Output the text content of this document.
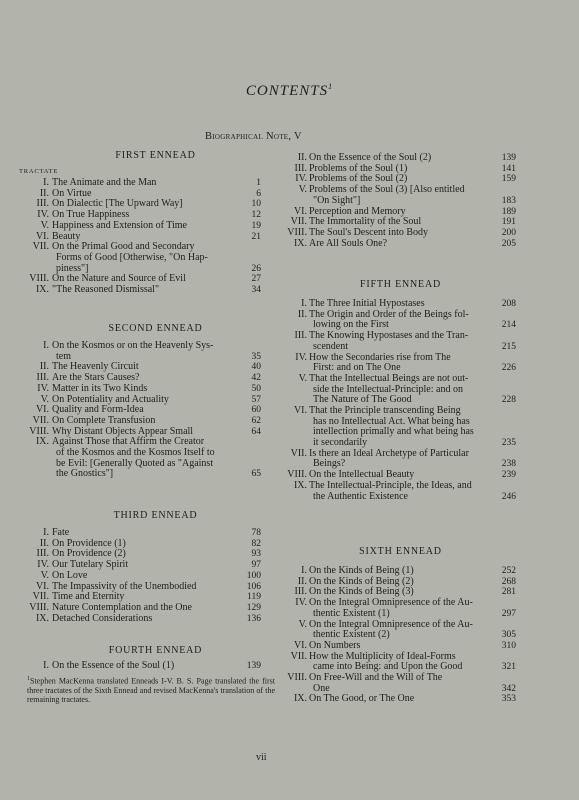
CONTENTS$^1$
Biographical Note, V
FIRST ENNEAD
TRACTATE
I. The Animate and the Man	1
II. On Virtue	6
III. On Dialectic [The Upward Way]	10
IV. On True Happiness	12
V. Happiness and Extension of Time	19
VI. Beauty	21
VII. On the Primal Good and Secondary
Forms of Good [Otherwise, "On Hap-
piness"]	26
VIII. On the Nature and Source of Evil	27
IX. "The Reasoned Dismissal"	34
SECOND ENNEAD
I. On the Kosmos or on the Heavenly Sys-
tem	35
II. The Heavenly Circuit	40
III. Are the Stars Causes?	42
IV. Matter in its Two Kinds	50
V. On Potentiality and Actuality	57
VI. Quality and Form-Idea	60
VII. On Complete Transfusion	62
VIII. Why Distant Objects Appear Small	64
IX. Against Those that Affirm the Creator
of the Kosmos and the Kosmos Itself to
be Evil: [Generally Quoted as "Against
the Gnostics"]	65
THIRD ENNEAD
I. Fate	78
II. On Providence (1)	82
III. On Providence (2)	93
IV. Our Tutelary Spirit	97
V. On Love	100
VI. The Impassivity of the Unembodied	106
VII. Time and Eternity	119
VIII. Nature Contemplation and the One	129
IX. Detached Considerations	136
FOURTH ENNEAD
I. On the Essence of the Soul (1)	139
II. On the Essence of the Soul (2)	139
III. Problems of the Soul (1)	141
IV. Problems of the Soul (2)	159
V. Problems of the Soul (3) [Also entitled
"On Sight"]	183
VI. Perception and Memory	189
VII. The Immortality of the Soul	191
VIII. The Soul's Descent into Body	200
IX. Are All Souls One?	205
FIFTH ENNEAD
I. The Three Initial Hypostases	208
II. The Origin and Order of the Beings fol-
lowing on the First	214
III. The Knowing Hypostases and the Tran-
scendent	215
IV. How the Secondaries rise from The
First: and on The One	226
V. That the Intellectual Beings are not out-
side the Intellectual-Principle: and on
The Nature of The Good	228
VI. That the Principle transcending Being
has no Intellectual Act. What being has
intellection primally and what being has
it secondarily	235
VII. Is there an Ideal Archetype of Particular
Beings?	238
VIII. On the Intellectual Beauty	239
IX. The Intellectual-Principle, the Ideas, and
the Authentic Existence	246
SIXTH ENNEAD
I. On the Kinds of Being (1)	252
II. On the Kinds of Being (2)	268
III. On the Kinds of Being (3)	281
IV. On the Integral Omnipresence of the Au-
thentic Existent (1)	297
V. On the Integral Omnipresence of the Au-
thentic Existent (2)	305
VI. On Numbers	310
VII. How the Multiplicity of Ideal-Forms
came into Being: and Upon the Good	321
VIII. On Free-Will and the Will of The
One	342
IX. On The Good, or The One	353
$^1$Stephen MacKenna translated Enneads I-V. B. S. Page translated the first three tractates of the Sixth Ennead and revised MacKenna's translation of the remaining tractates.
vii
